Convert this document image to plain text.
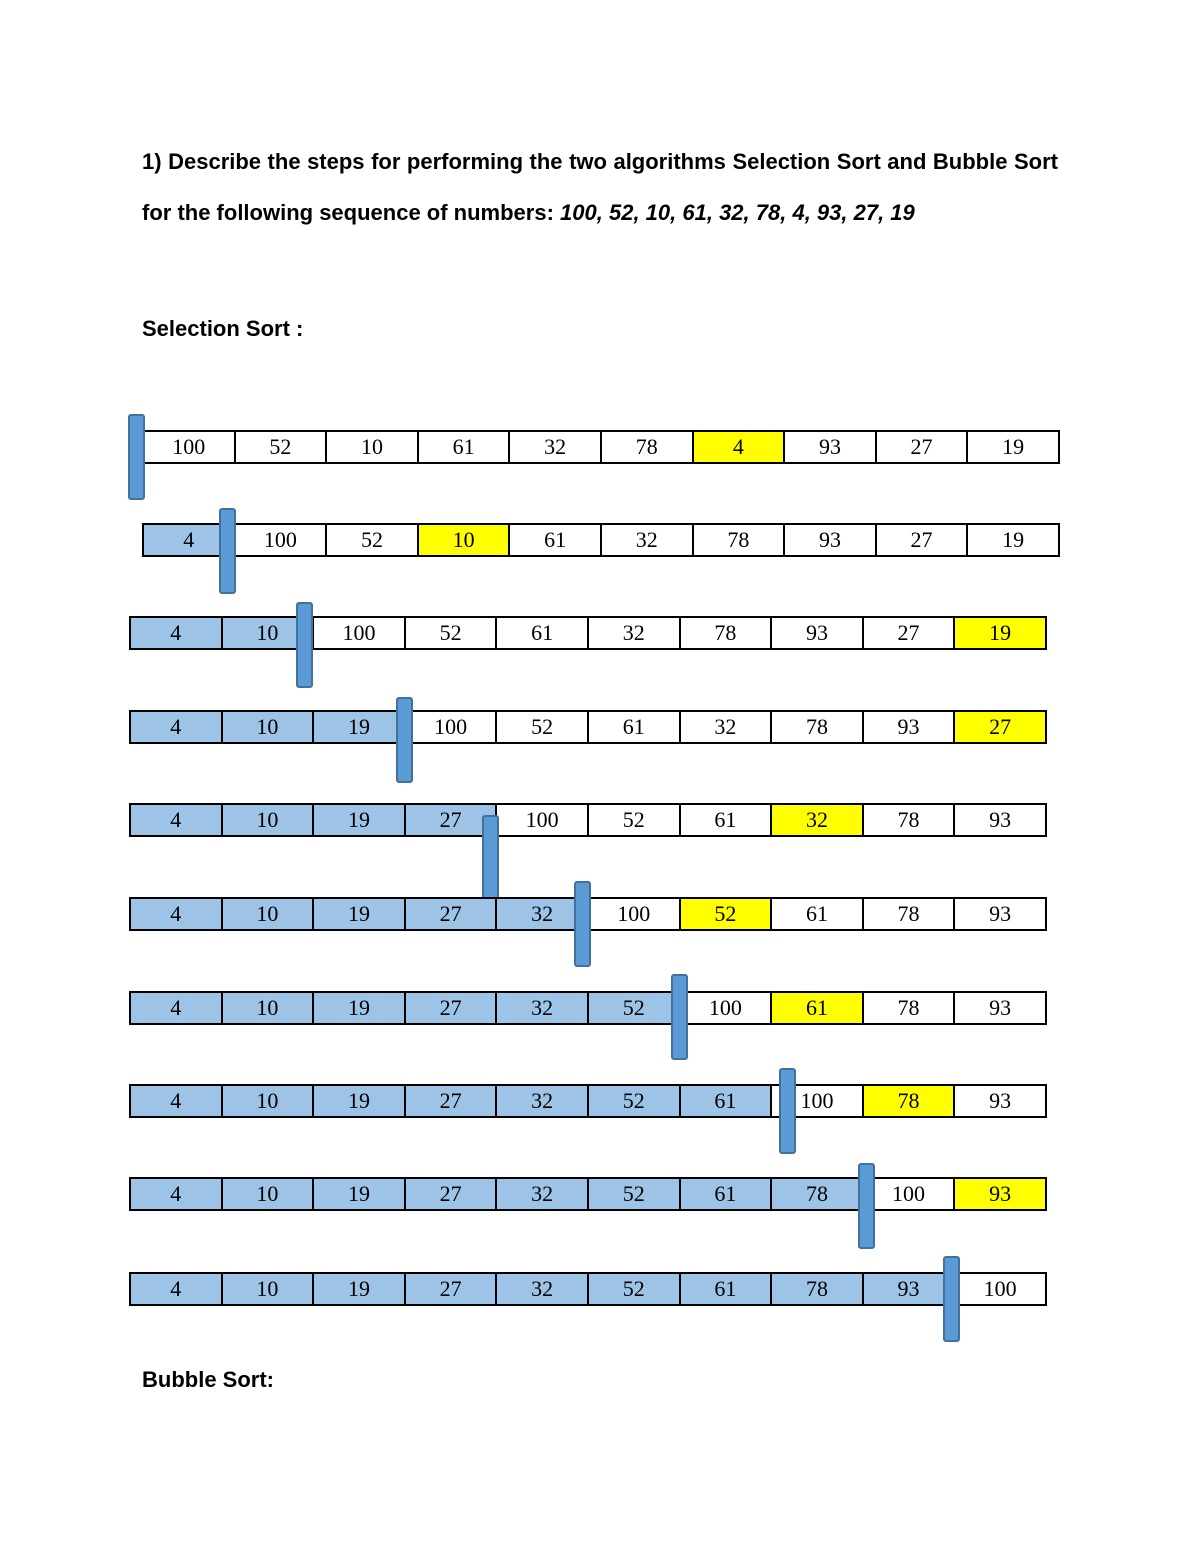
1) Describe the steps for performing the two algorithms Selection Sort and Bubble Sort for the following sequence of numbers: 100, 52, 10, 61, 32, 78, 4, 93, 27, 19
Selection Sort :
100	52	10	61	32	78	4	93	27	19
4	100	52	10	61	32	78	93	27	19
4	10	100	52	61	32	78	93	27	19
4	10	19	100	52	61	32	78	93	27
4	10	19	27	100	52	61	32	78	93
4	10	19	27	32	100	52	61	78	93
4	10	19	27	32	52	100	61	78	93
4	10	19	27	32	52	61	100	78	93
4	10	19	27	32	52	61	78	100	93
4	10	19	27	32	52	61	78	93	100
Bubble Sort:
